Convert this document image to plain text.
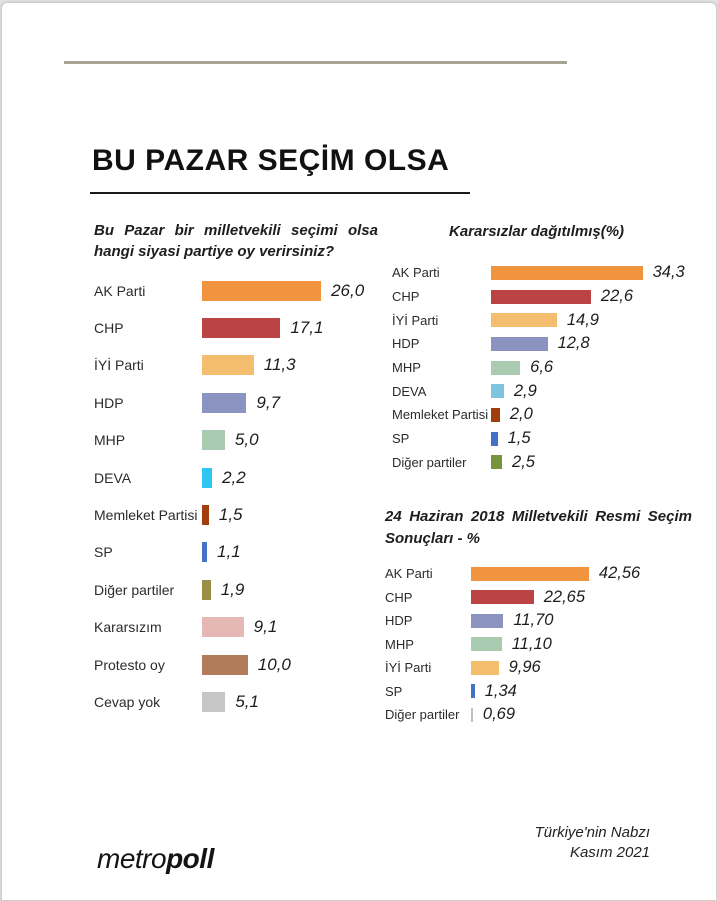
BU PAZAR SEÇİM OLSA
Bu Pazar bir milletvekili seçimi olsa hangi siyasi partiye oy verirsiniz?
Kararsızlar dağıtılmış(%)
24 Haziran 2018 Milletvekili Resmi Seçim Sonuçları - %
AK Parti	26,0
CHP	17,1
İYİ Parti	11,3
HDP	9,7
MHP	5,0
DEVA	2,2
Memleket Partisi 1,5
SP	1,1
Diğer partiler	1,9
Kararsızım	9,1
Protesto oy	10,0
Cevap yok	5,1
AK Parti	34,3
CHP	22,6
İYİ Parti	14,9
HDP	12,8
MHP	6,6
DEVA	2,9
Memleket Partisi 2,0
SP	1,5
Diğer partiler	2,5
AK Parti	42,56
CHP	22,65
HDP	11,70
MHP	11,10
İYİ Parti	9,96
SP	1,34
Diğer partiler	0,69
metropoll
Türkiye'nin Nabzı
Kasım 2021
